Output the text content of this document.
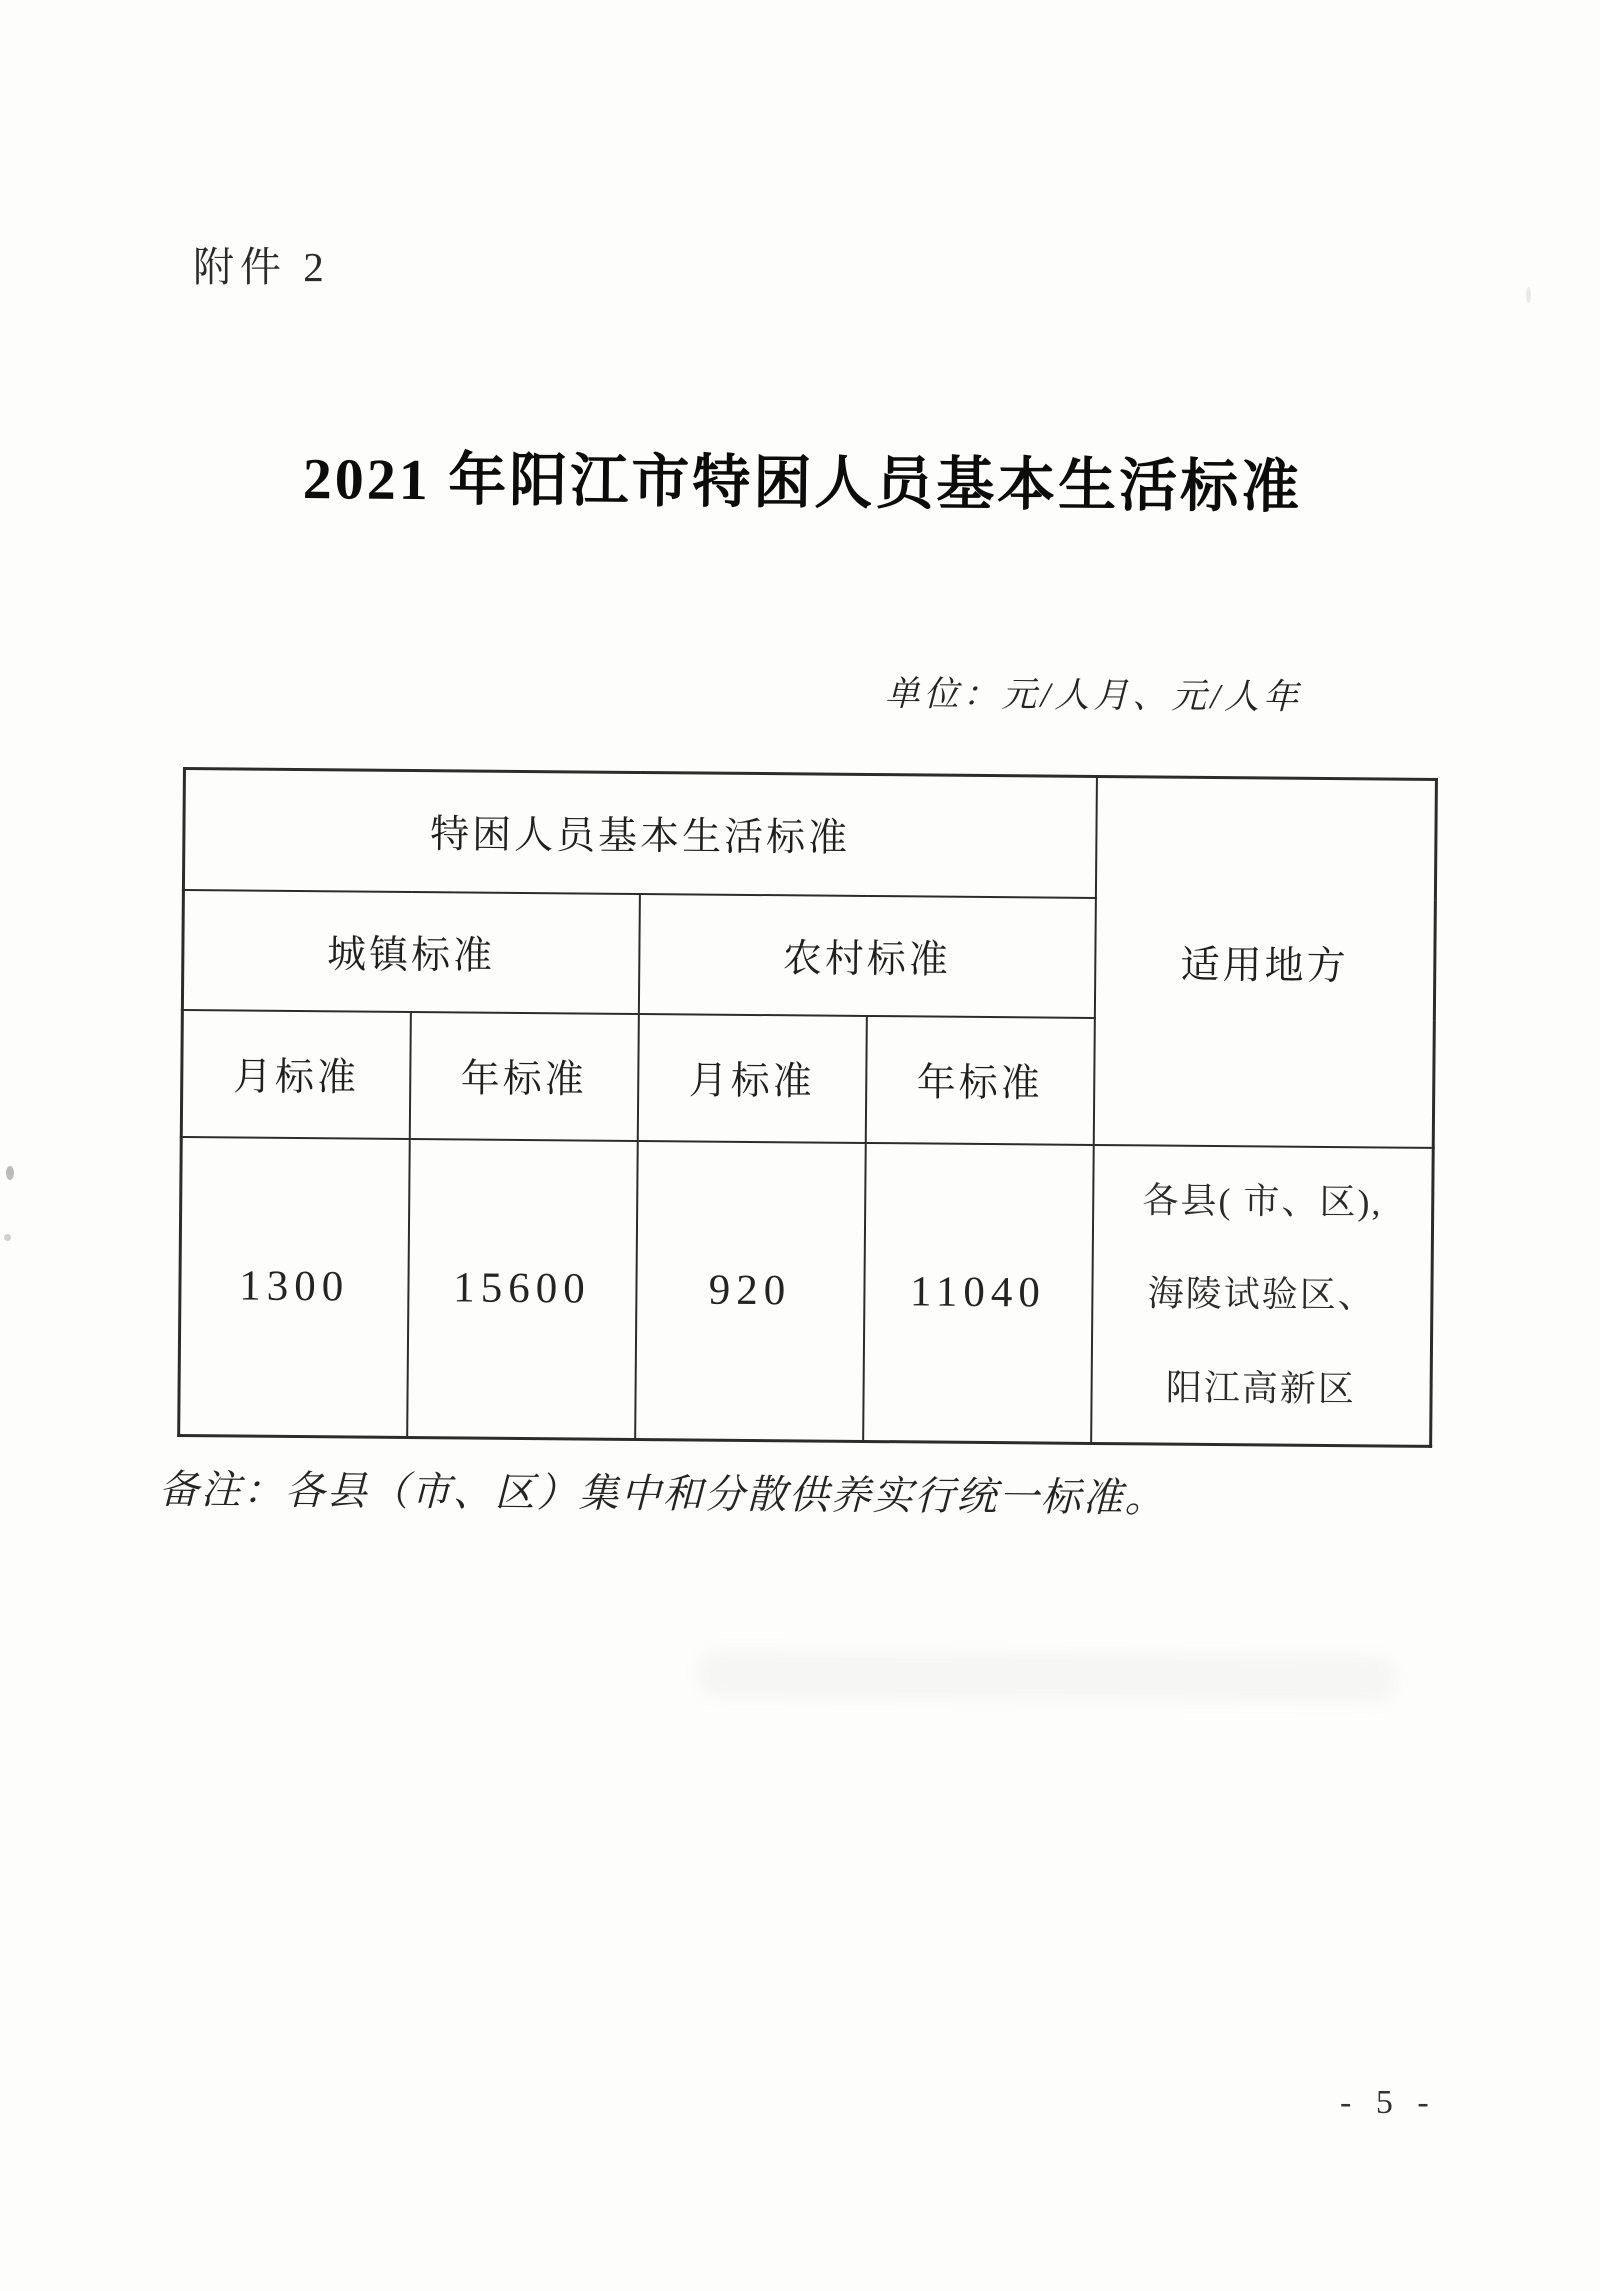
附件 2
2021 年阳江市特困人员基本生活标准
单位：元/人月、元/人年
特困人员基本生活标准				适用地方
城镇标准		农村标准		
月标准	年标准	月标准	年标准	
1300	15600	920	11040	各县( 市、区),
海陵试验区、
阳江高新区
备注：各县（市、区）集中和分散供养实行统一标准。
- 5 -
